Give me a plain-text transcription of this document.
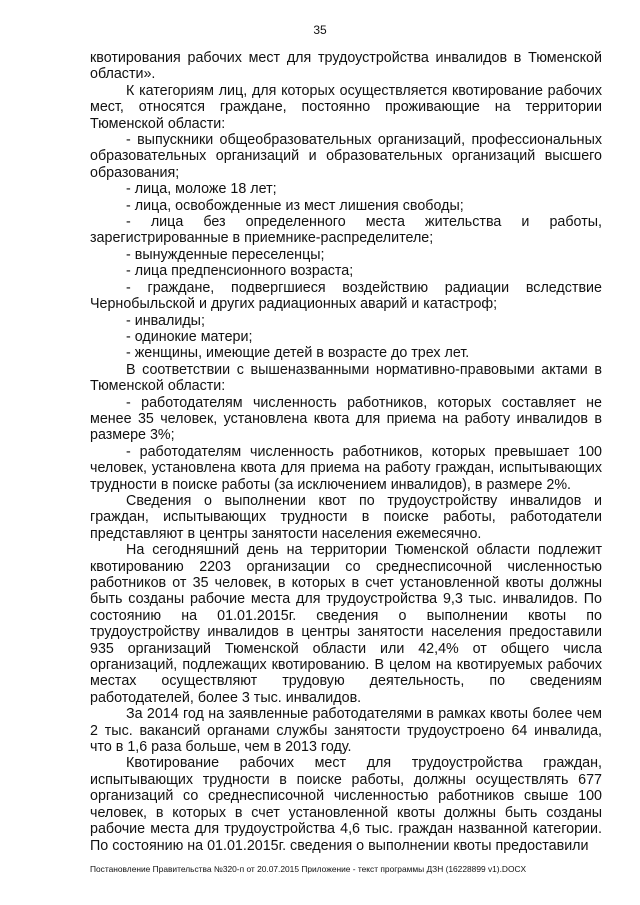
35

квотирования рабочих мест для трудоустройства инвалидов в Тюменской области».

К категориям лиц, для которых осуществляется квотирование рабочих мест, относятся граждане, постоянно проживающие на территории Тюменской области:

- выпускники общеобразовательных организаций, профессиональных образовательных организаций и образовательных организаций высшего образования;

- лица, моложе 18 лет;

- лица, освобожденные из мест лишения свободы;

- лица без определенного места жительства и работы, зарегистрированные в приемнике-распределителе;

- вынужденные переселенцы;

- лица предпенсионного возраста;

- граждане, подвергшиеся воздействию радиации вследствие Чернобыльской и других радиационных аварий и катастроф;

- инвалиды;

- одинокие матери;

- женщины, имеющие детей в возрасте до трех лет.

В соответствии с вышеназванными нормативно-правовыми актами в Тюменской области:

- работодателям численность работников, которых составляет не менее 35 человек, установлена квота для приема на работу инвалидов в размере 3%;

- работодателям численность работников, которых превышает 100 человек, установлена квота для приема на работу граждан, испытывающих трудности в поиске работы (за исключением инвалидов), в размере 2%.

Сведения о выполнении квот по трудоустройству инвалидов и граждан, испытывающих трудности в поиске работы, работодатели представляют в центры занятости населения ежемесячно.

На сегодняшний день на территории Тюменской области подлежит квотированию 2203 организации со среднесписочной численностью работников от 35 человек, в которых в счет установленной квоты должны быть созданы рабочие места для трудоустройства 9,3 тыс. инвалидов. По состоянию на 01.01.2015г. сведения о выполнении квоты по трудоустройству инвалидов в центры занятости населения предоставили 935 организаций Тюменской области или 42,4% от общего числа организаций, подлежащих квотированию. В целом на квотируемых рабочих местах осуществляют трудовую деятельность, по сведениям работодателей, более 3 тыс. инвалидов.

За 2014 год на заявленные работодателями в рамках квоты более чем 2 тыс. вакансий органами службы занятости трудоустроено 64 инвалида, что в 1,6 раза больше, чем в 2013 году.

Квотирование рабочих мест для трудоустройства граждан, испытывающих трудности в поиске работы, должны осуществлять 677 организаций со среднесписочной численностью работников свыше 100 человек, в которых в счет установленной квоты должны быть созданы рабочие места для трудоустройства 4,6 тыс. граждан названной категории. По состоянию на 01.01.2015г. сведения о выполнении квоты предоставили

Постановление Правительства №320-п от 20.07.2015 Приложение - текст программы ДЗН (16228899 v1).DOCX
